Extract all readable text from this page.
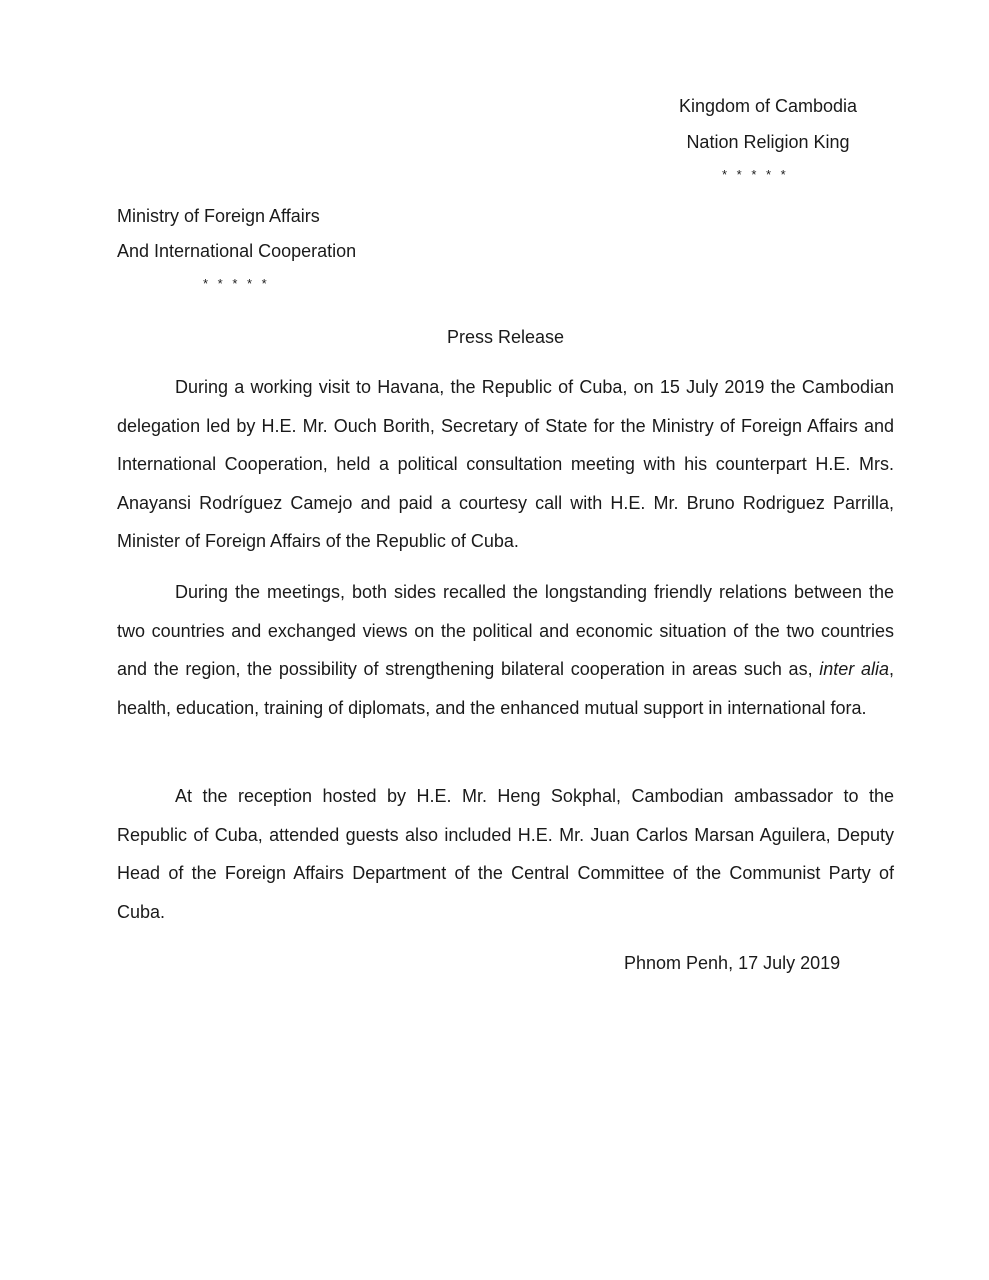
Kingdom of Cambodia
Nation Religion King
* * * * *
Ministry of Foreign Affairs
And International Cooperation
* * * * *
Press Release

During a working visit to Havana, the Republic of Cuba, on 15 July 2019 the Cambodian delegation led by H.E. Mr. Ouch Borith, Secretary of State for the Ministry of Foreign Affairs and International Cooperation, held a political consultation meeting with his counterpart H.E. Mrs. Anayansi Rodríguez Camejo and paid a courtesy call with H.E. Mr. Bruno Rodriguez Parrilla, Minister of Foreign Affairs of the Republic of Cuba.

During the meetings, both sides recalled the longstanding friendly relations between the two countries and exchanged views on the political and economic situation of the two countries and the region, the possibility of strengthening bilateral cooperation in areas such as, inter alia, health, education, training of diplomats, and the enhanced mutual support in international fora.

At the reception hosted by H.E. Mr. Heng Sokphal, Cambodian ambassador to the Republic of Cuba, attended guests also included H.E. Mr. Juan Carlos Marsan Aguilera, Deputy Head of the Foreign Affairs Department of the Central Committee of the Communist Party of Cuba.

Phnom Penh, 17 July 2019
